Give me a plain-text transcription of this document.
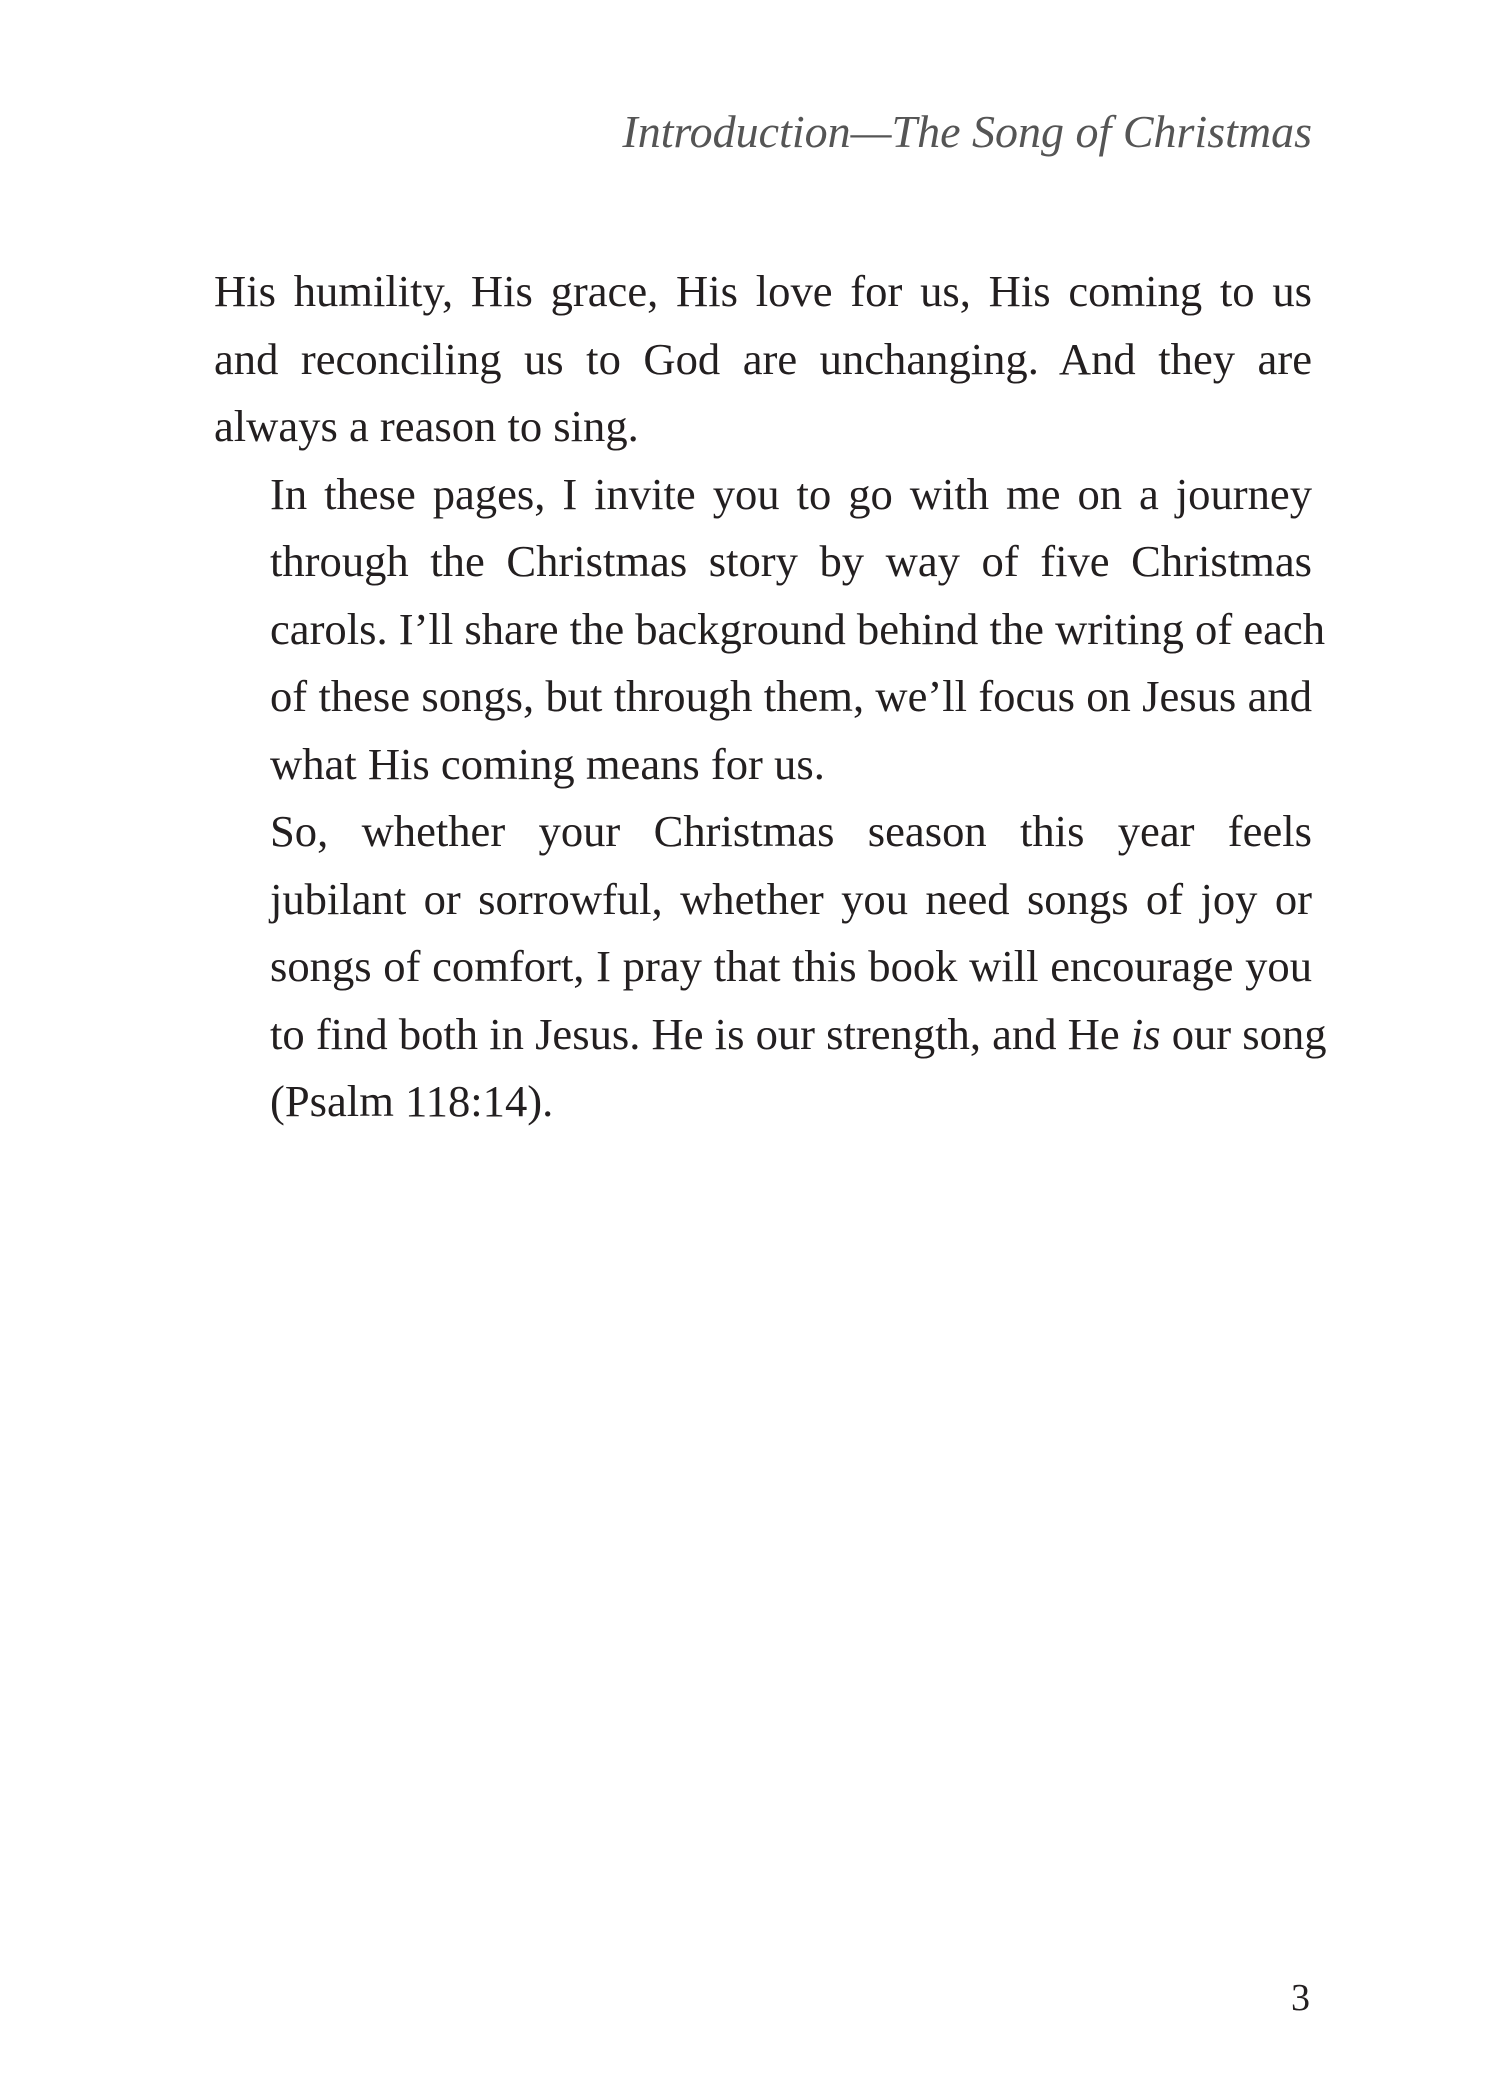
Introduction—The Song of Christmas

His humility, His grace, His love for us, His coming to us
and reconciling us to God are unchanging. And they are
always a reason to sing.

In these pages, I invite you to go with me on a journey
through the Christmas story by way of five Christmas
carols. I’ll share the background behind the writing of each
of these songs, but through them, we’ll focus on Jesus and
what His coming means for us.

So, whether your Christmas season this year feels
jubilant or sorrowful, whether you need songs of joy or
songs of comfort, I pray that this book will encourage you
to find both in Jesus. He is our strength, and He is our song
(Psalm 118:14).

3
